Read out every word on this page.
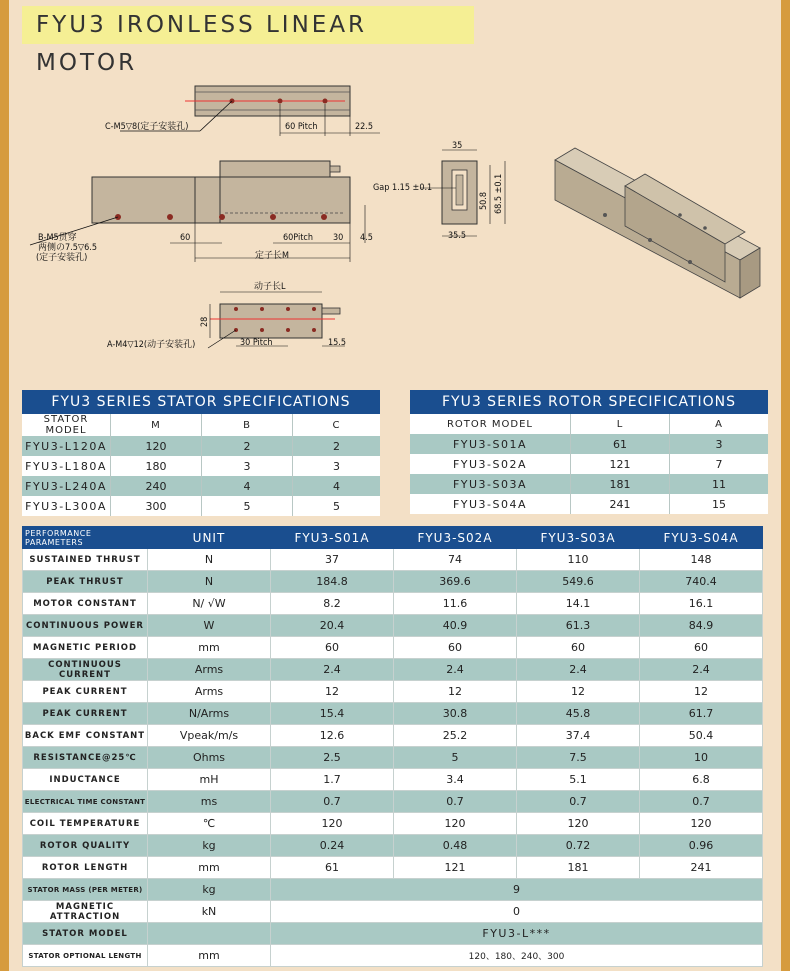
FYU3 IRONLESS LINEAR MOTOR
C-M5▽8(定子安装孔)	60 Pitch	22.5
B-M5贯穿
两侧の7.5▽6.5
(定子安装孔)
60	60Pitch 30 4.5
定子长M
Gap 1.15 ±0.1
35
35.5
50.8 68.5 ±0.1
动子长L
28
A-M4▽12(动子安装孔)	30 Pitch	15.5
FYU3 SERIES STATOR SPECIFICATIONS
STATOR MODEL	M	B	C
FYU3-L120A	120	2	2
FYU3-L180A	180	3	3
FYU3-L240A	240	4	4
FYU3-L300A	300	5	5
FYU3 SERIES ROTOR SPECIFICATIONS
ROTOR MODEL	L	A
FYU3-S01A	61	3
FYU3-S02A	121	7
FYU3-S03A	181	11
FYU3-S04A	241	15
PERFORMANCE PARAMETERS	UNIT	FYU3-S01A	FYU3-S02A	FYU3-S03A	FYU3-S04A
SUSTAINED THRUST	N	37	74	110	148
PEAK THRUST	N	184.8	369.6	549.6	740.4
MOTOR CONSTANT	N/ √W	8.2	11.6	14.1	16.1
CONTINUOUS POWER	W	20.4	40.9	61.3	84.9
MAGNETIC PERIOD	mm	60	60	60	60
CONTINUOUS CURRENT	Arms	2.4	2.4	2.4	2.4
PEAK CURRENT	Arms	12	12	12	12
PEAK CURRENT	N/Arms	15.4	30.8	45.8	61.7
BACK EMF CONSTANT	Vpeak/m/s	12.6	25.2	37.4	50.4
RESISTANCE@25℃	Ohms	2.5	5	7.5	10
INDUCTANCE	mH	1.7	3.4	5.1	6.8
ELECTRICAL TIME CONSTANT	ms	0.7	0.7	0.7	0.7
COIL TEMPERATURE	℃	120	120	120	120
ROTOR QUALITY	kg	0.24	0.48	0.72	0.96
ROTOR LENGTH	mm	61	121	181	241
STATOR MASS (PER METER)	kg	9			
MAGNETIC ATTRACTION	kN	0			
STATOR MODEL		FYU3-L***			
STATOR OPTIONAL LENGTH	mm	120、180、240、300			
